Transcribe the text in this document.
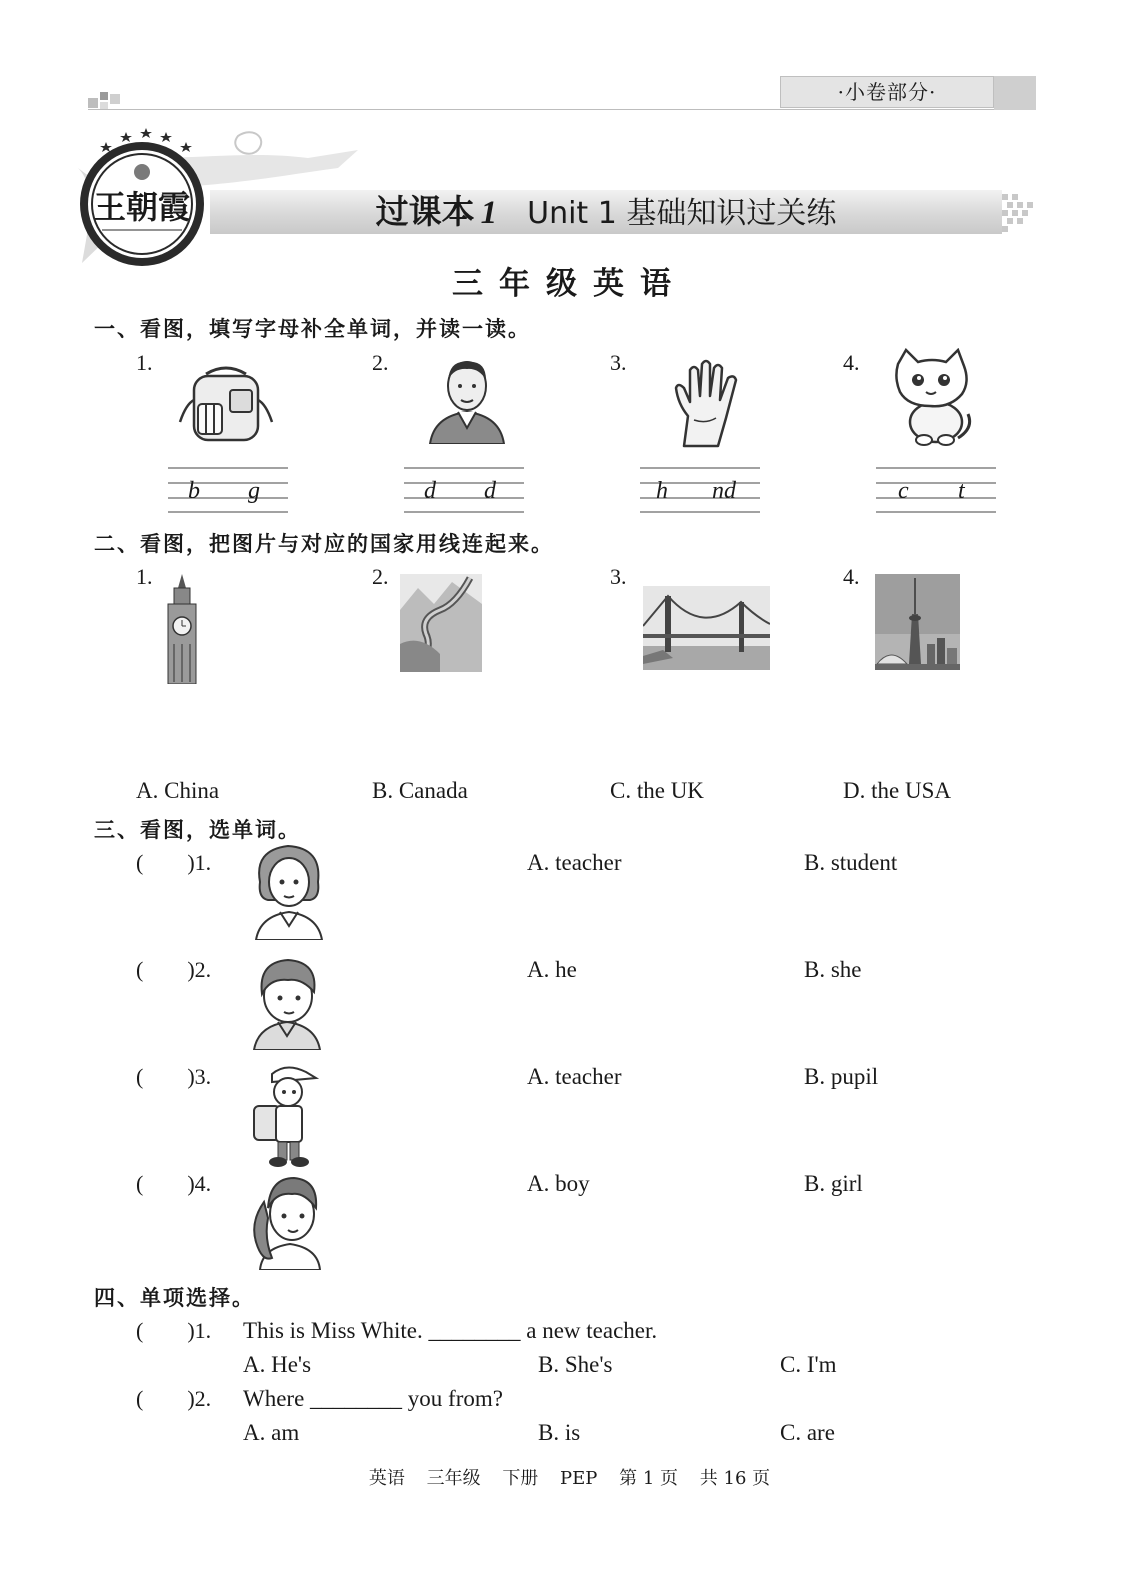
·小卷部分·
王朝霞	过课本 1 Unit 1 基础知识过关练
三年级英语
一、看图，填写字母补全单词，并读一读。
1.	2.	3.	4.
b g	d d	h nd	c t
二、看图，把图片与对应的国家用线连起来。
1.	2.	3.	4.
A. China	B. Canada	C. the UK	D. the USA
三、看图，选单词。
(        )1.	A. teacher	B. student
(        )2.	A. he	B. she
(        )3.	A. teacher	B. pupil
(        )4.	A. boy	B. girl
四、单项选择。
(        )1. This is Miss White. ________ a new teacher.
A. He's	B. She's	C. I'm
(        )2. Where ________ you from?
A. am	B. is	C. are
英语 三年级 下册 PEP 第 1 页 共 16 页
